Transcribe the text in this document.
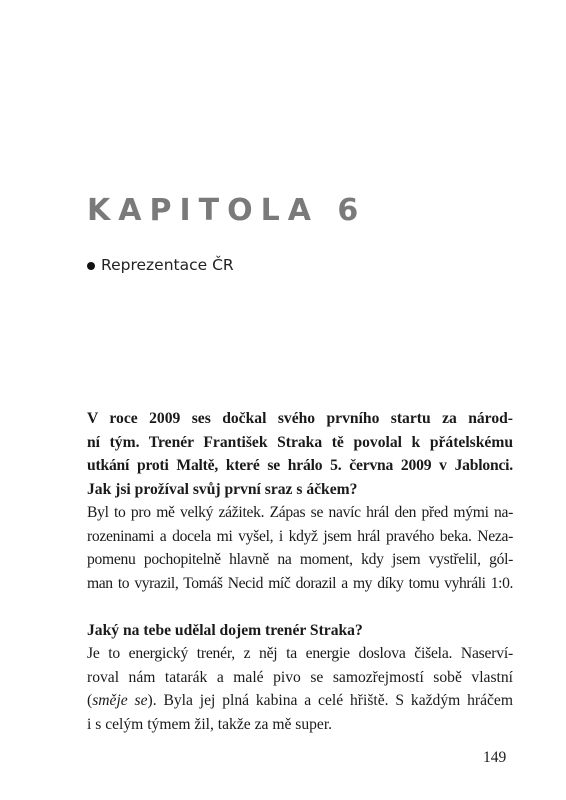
KAPITOLA 6
Reprezentace ČR
V roce 2009 ses dočkal svého prvního startu za národ-
ní tým. Trenér František Straka tě povolal k přátelskému
utkání proti Maltě, které se hrálo 5. června 2009 v Jablonci.
Jak jsi prožíval svůj první sraz s áčkem?
Byl to pro mě velký zážitek. Zápas se navíc hrál den před mými na-
rozeninami a docela mi vyšel, i když jsem hrál pravého beka. Neza-
pomenu pochopitelně hlavně na moment, kdy jsem vystřelil, gól-
man to vyrazil, Tomáš Necid míč dorazil a my díky tomu vyhráli 1:0.
Jaký na tebe udělal dojem trenér Straka?
Je to energický trenér, z něj ta energie doslova čišela. Naserví-
roval nám tatarák a malé pivo se samozřejmostí sobě vlastní
(směje se). Byla jej plná kabina a celé hřiště. S každým hráčem
i s celým týmem žil, takže za mě super.
149
